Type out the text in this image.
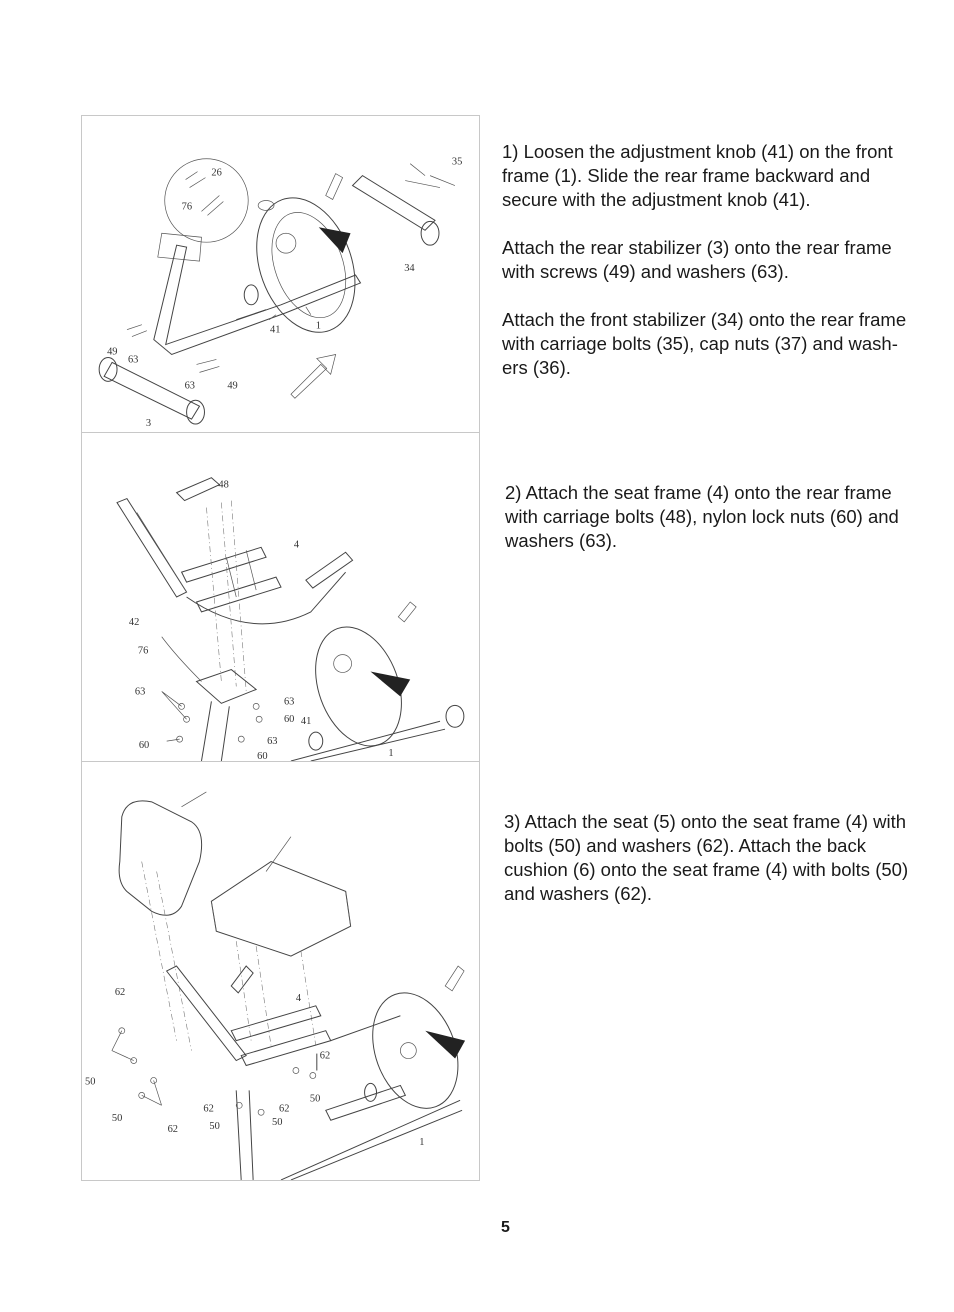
35
26
76
34
41	1
49
63
63	49
3
48
4
42
76
63
63
60 41
60	63
60	1
62
4
62
50
50
62	62
50
62	50	50
1

1) Loosen the adjustment knob (41) on the front
frame (1). Slide the rear frame backward and
secure with the adjustment knob (41).

Attach the rear stabilizer (3) onto the rear frame
with screws (49) and washers (63).

Attach the front stabilizer (34) onto the rear frame
with carriage bolts (35), cap nuts (37) and wash-
ers (36).

2) Attach the seat frame (4) onto the rear frame
with carriage bolts (48), nylon lock nuts (60) and
washers (63).

3) Attach the seat (5) onto the seat frame (4) with
bolts (50) and washers (62). Attach the back
cushion (6) onto the seat frame (4) with bolts (50)
and washers (62).

5
